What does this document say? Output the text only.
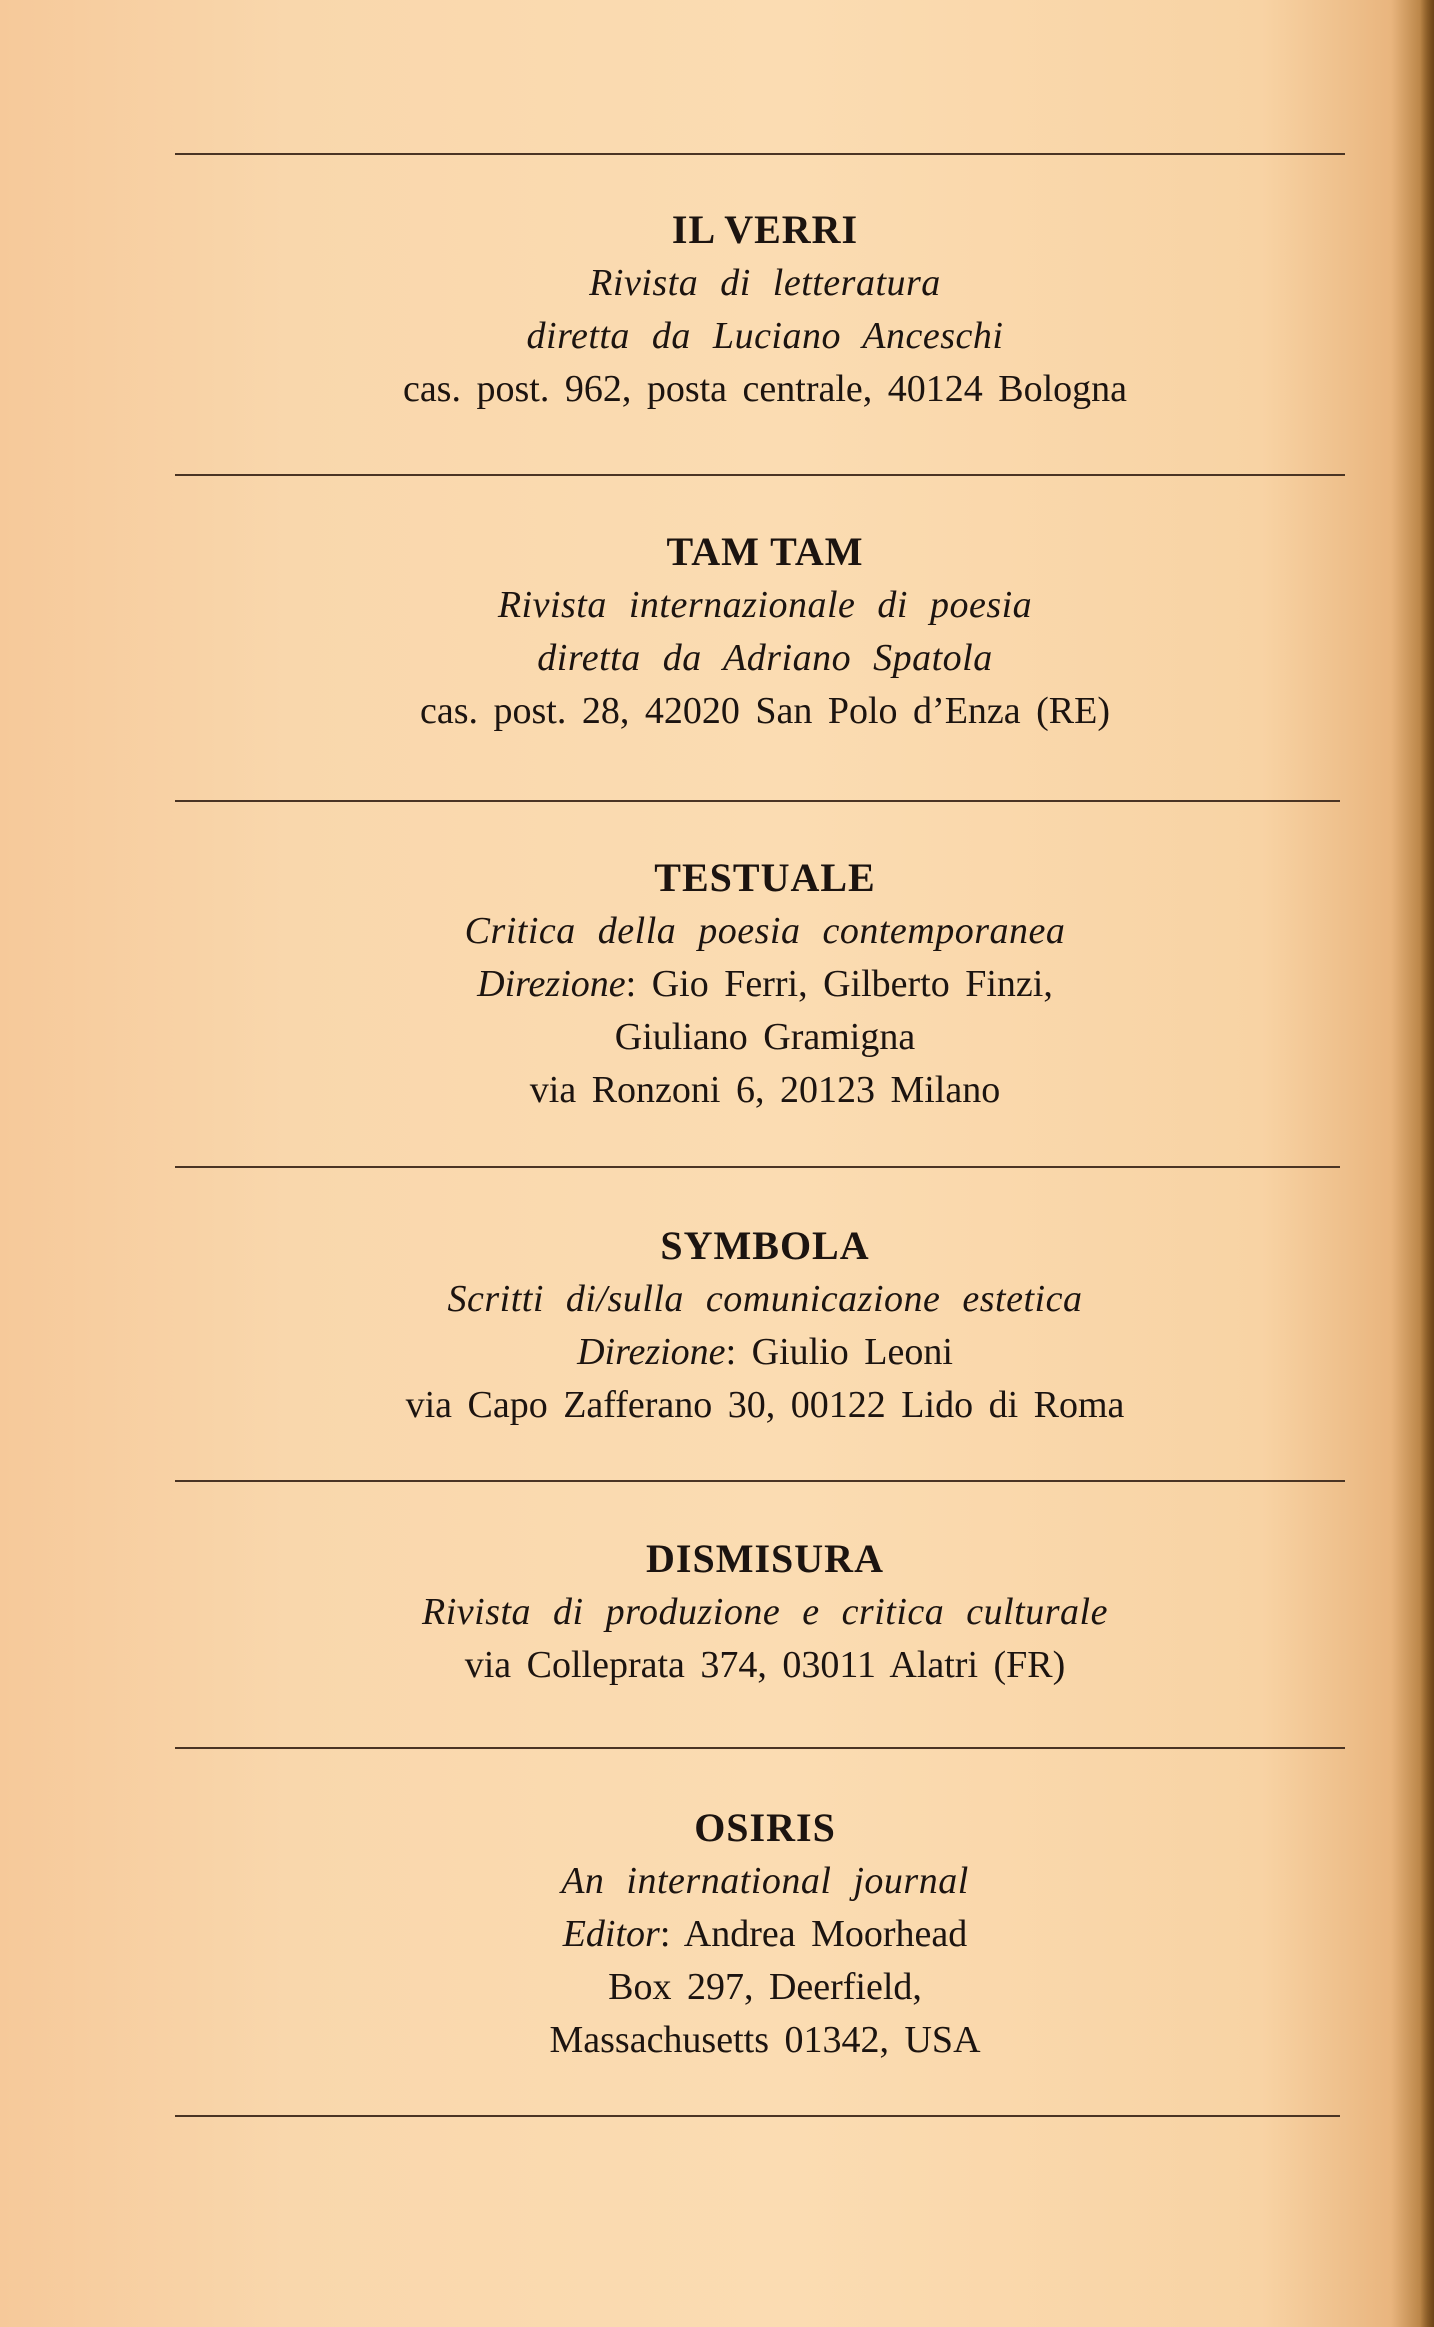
IL VERRI
Rivista di letteratura
diretta da Luciano Anceschi
cas. post. 962, posta centrale, 40124 Bologna
TAM TAM
Rivista internazionale di poesia
diretta da Adriano Spatola
cas. post. 28, 42020 San Polo d’Enza (RE)
TESTUALE
Critica della poesia contemporanea
Direzione: Gio Ferri, Gilberto Finzi,
Giuliano Gramigna
via Ronzoni 6, 20123 Milano
SYMBOLA
Scritti di/sulla comunicazione estetica
Direzione: Giulio Leoni
via Capo Zafferano 30, 00122 Lido di Roma
DISMISURA
Rivista di produzione e critica culturale
via Colleprata 374, 03011 Alatri (FR)
OSIRIS
An international journal
Editor: Andrea Moorhead
Box 297, Deerfield,
Massachusetts 01342, USA
